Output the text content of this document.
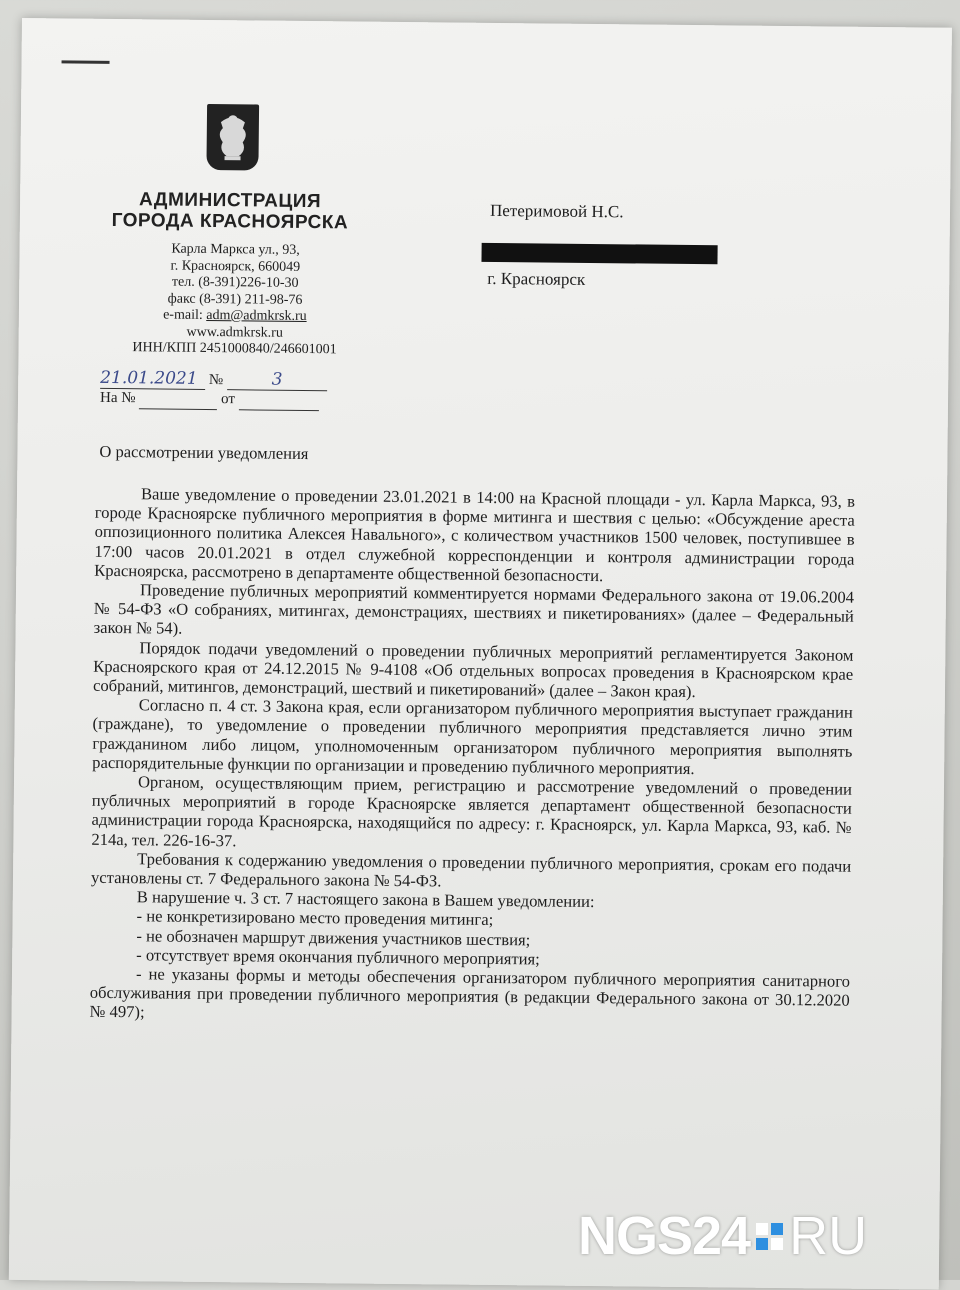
АДМИНИСТРАЦИЯ
ГОРОДА КРАСНОЯРСКА
Карла Маркса ул., 93,
г. Красноярск, 660049
тел. (8-391)226-10-30
факс (8-391) 211-98-76
e-mail: adm@admkrsk.ru
www.admkrsk.ru
ИНН/КПП 2451000840/246601001
Петеримовой Н.С.
г. Красноярск
21.01.2021 №	3
На №	от
О рассмотрении уведомления

Ваше уведомление о проведении 23.01.2021 в 14:00 на Красной площади - ул. Карла Маркса, 93, в городе Красноярске публичного мероприятия в форме митинга и шествия с целью: «Обсуждение ареста оппозиционного политика Алексея Навального», с количеством участников 1500 человек, поступившее в 17:00 часов 20.01.2021 в отдел служебной корреспонденции и контроля администрации города Красноярска, рассмотрено в департаменте общественной безопасности.

Проведение публичных мероприятий комментируется нормами Федерального закона от 19.06.2004 № 54-ФЗ «О собраниях, митингах, демонстрациях, шествиях и пикетированиях» (далее – Федеральный закон № 54).

Порядок подачи уведомлений о проведении публичных мероприятий регламентируется Законом Красноярского края от 24.12.2015 № 9-4108 «Об отдельных вопросах проведения в Красноярском крае собраний, митингов, демонстраций, шествий и пикетирований» (далее – Закон края).

Согласно п. 4 ст. 3 Закона края, если организатором публичного мероприятия выступает гражданин (граждане), то уведомление о проведении публичного мероприятия представляется лично этим гражданином либо лицом, уполномоченным организатором публичного мероприятия выполнять распорядительные функции по организации и проведению публичного мероприятия.

Органом, осуществляющим прием, регистрацию и рассмотрение уведомлений о проведении публичных мероприятий в городе Красноярске является департамент общественной безопасности администрации города Красноярска, находящийся по адресу: г. Красноярск, ул. Карла Маркса, 93, каб. № 214а, тел. 226-16-37.

Требования к содержанию уведомления о проведении публичного мероприятия, срокам его подачи установлены ст. 7 Федерального закона № 54-ФЗ.

В нарушение ч. 3 ст. 7 настоящего закона в Вашем уведомлении:

- не конкретизировано место проведения митинга;

- не обозначен маршрут движения участников шествия;

- отсутствует время окончания публичного мероприятия;

- не указаны формы и методы обеспечения организатором публичного мероприятия санитарного обслуживания при проведении публичного мероприятия (в редакции Федерального закона от 30.12.2020 № 497);

NGS24 RU
